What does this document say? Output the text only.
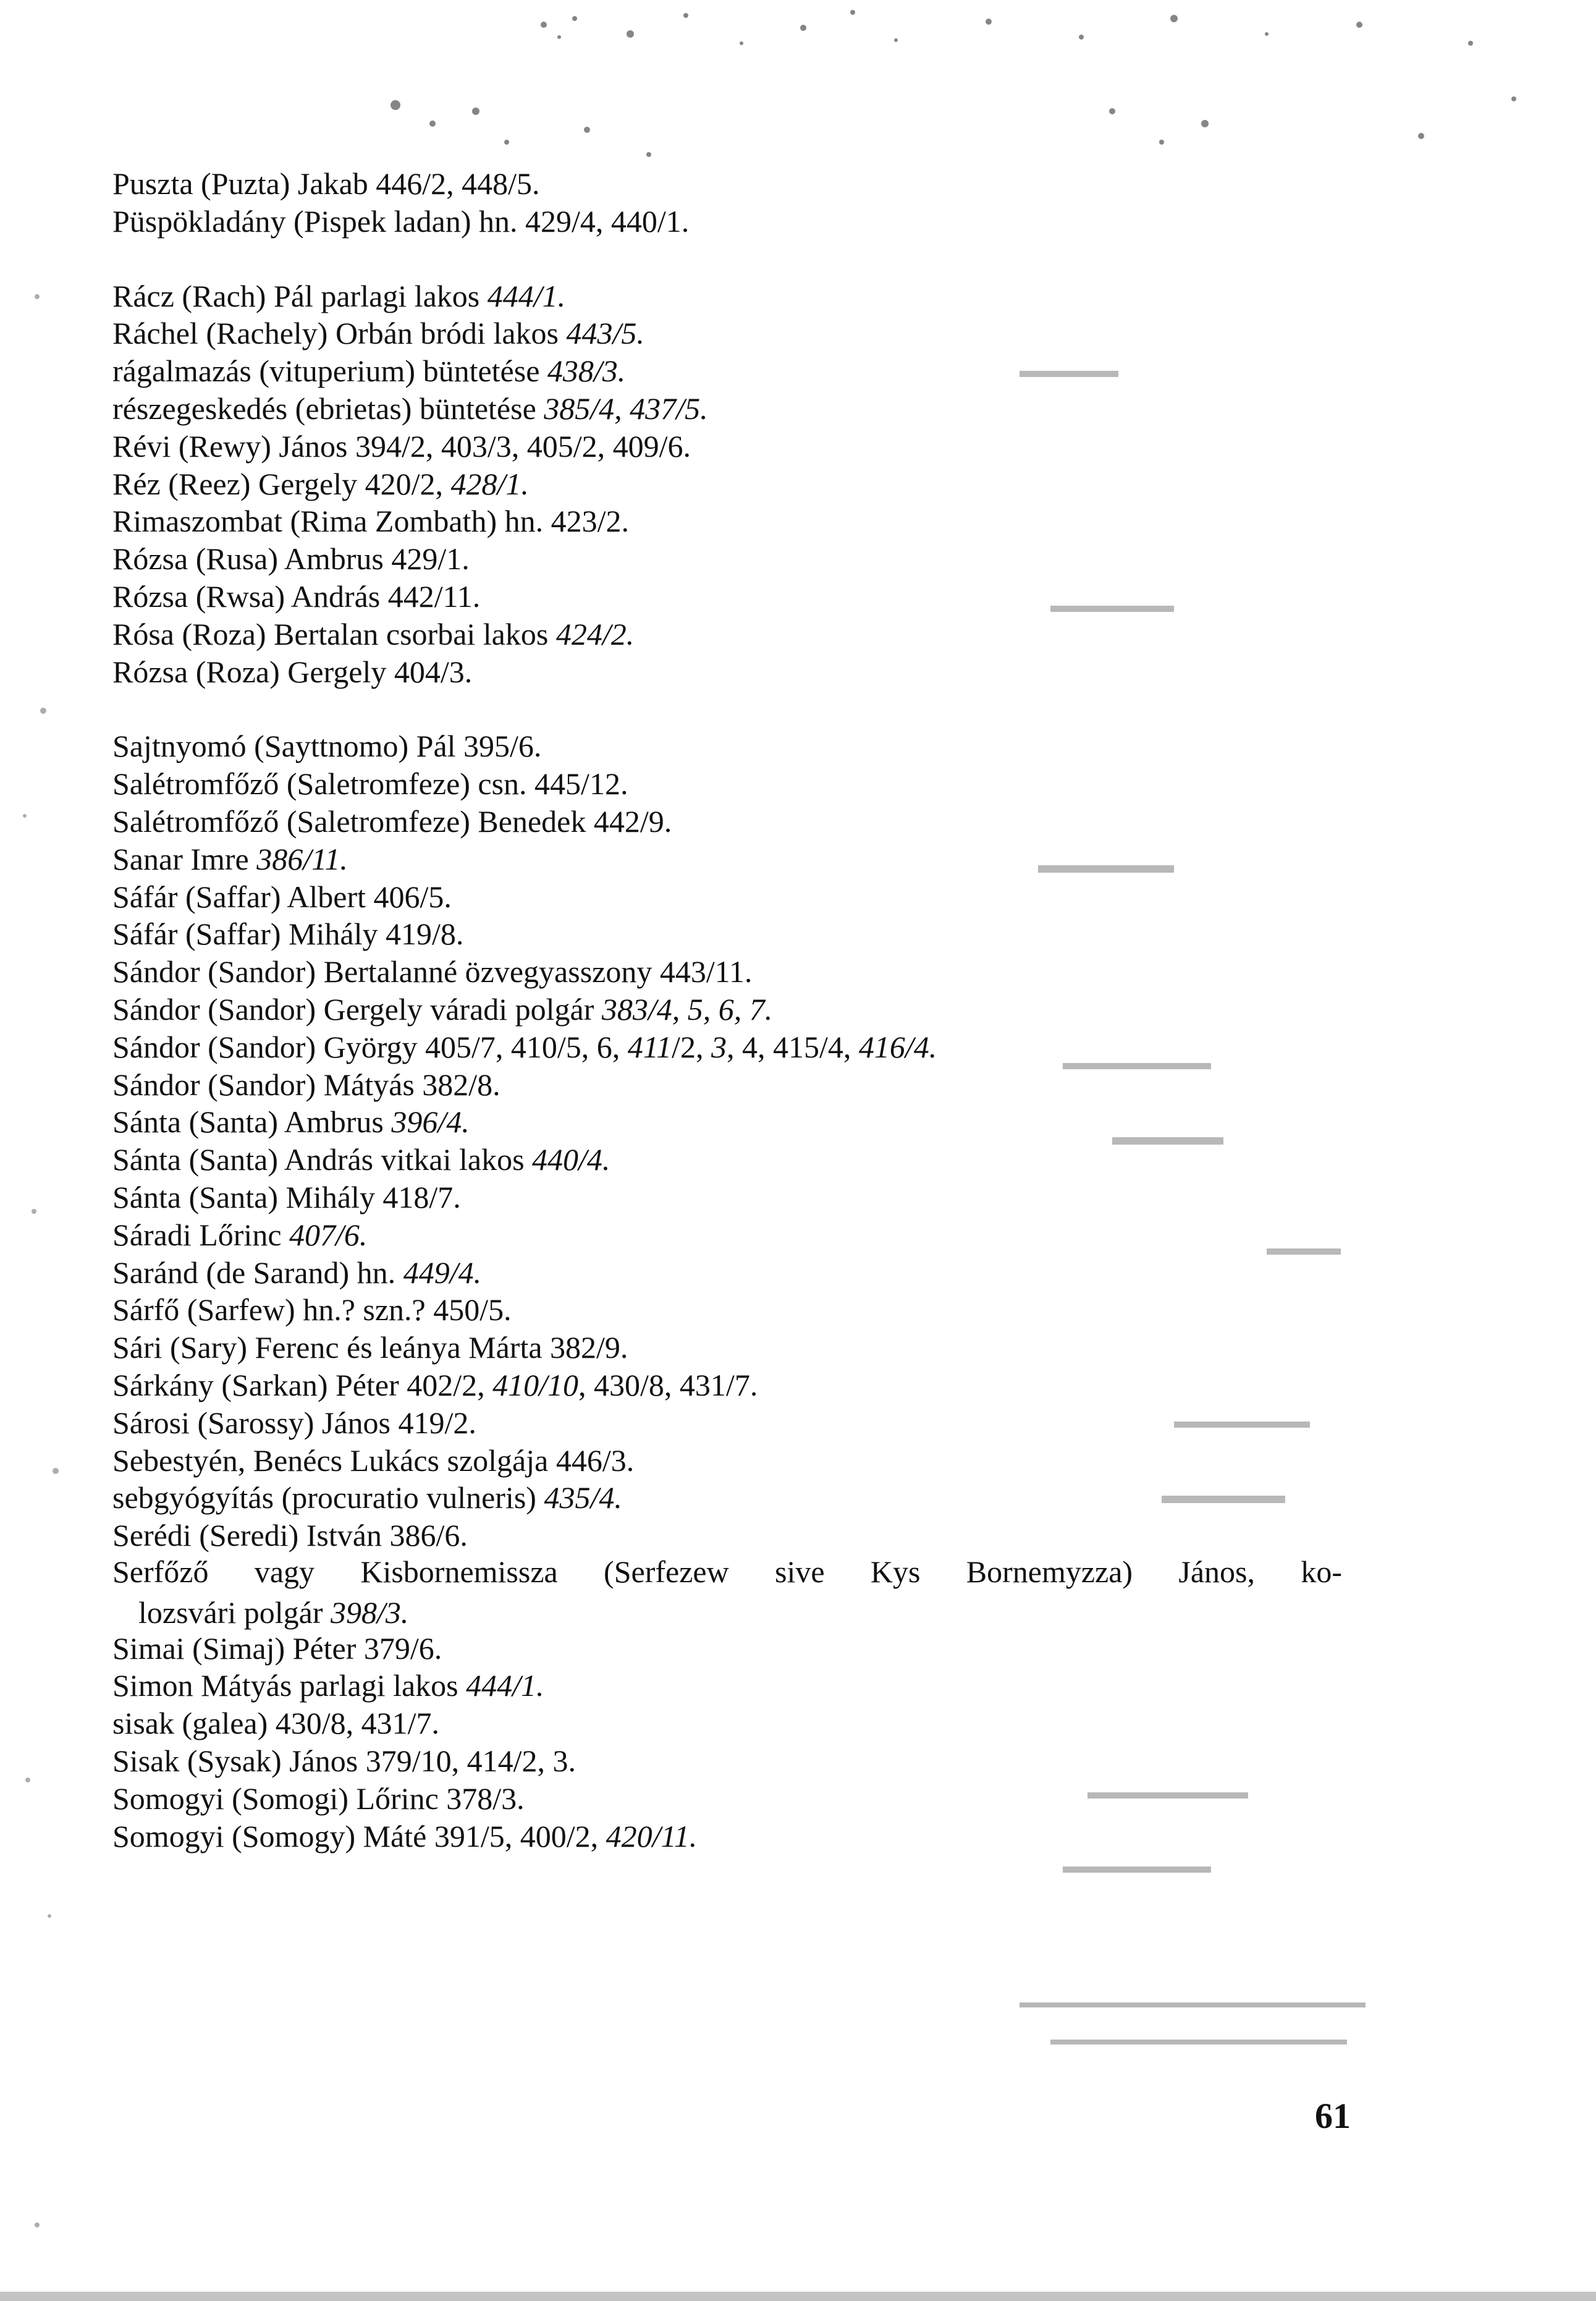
Puszta (Puzta) Jakab 446/2, 448/5.
Püspökladány (Pispek ladan) hn. 429/4, 440/1.
Rácz (Rach) Pál parlagi lakos 444/1.
Ráchel (Rachely) Orbán bródi lakos 443/5.
rágalmazás (vituperium) büntetése 438/3.
részegeskedés (ebrietas) büntetése 385/4, 437/5.
Révi (Rewy) János 394/2, 403/3, 405/2, 409/6.
Réz (Reez) Gergely 420/2, 428/1.
Rimaszombat (Rima Zombath) hn. 423/2.
Rózsa (Rusa) Ambrus 429/1.
Rózsa (Rwsa) András 442/11.
Rósa (Roza) Bertalan csorbai lakos 424/2.
Rózsa (Roza) Gergely 404/3.
Sajtnyomó (Sayttnomo) Pál 395/6.
Salétromfőző (Saletromfeze) csn. 445/12.
Salétromfőző (Saletromfeze) Benedek 442/9.
Sanar Imre 386/11.
Sáfár (Saffar) Albert 406/5.
Sáfár (Saffar) Mihály 419/8.
Sándor (Sandor) Bertalanné özvegyasszony 443/11.
Sándor (Sandor) Gergely váradi polgár 383/4, 5, 6, 7.
Sándor (Sandor) György 405/7, 410/5, 6, 411/2, 3, 4, 415/4, 416/4.
Sándor (Sandor) Mátyás 382/8.
Sánta (Santa) Ambrus 396/4.
Sánta (Santa) András vitkai lakos 440/4.
Sánta (Santa) Mihály 418/7.
Sáradi Lőrinc 407/6.
Saránd (de Sarand) hn. 449/4.
Sárfő (Sarfew) hn.? szn.? 450/5.
Sári (Sary) Ferenc és leánya Márta 382/9.
Sárkány (Sarkan) Péter 402/2, 410/10, 430/8, 431/7.
Sárosi (Sarossy) János 419/2.
Sebestyén, Benécs Lukács szolgája 446/3.
sebgyógyítás (procuratio vulneris) 435/4.
Serédi (Seredi) István 386/6.
Serfőző vagy Kisbornemissza (Serfezew sive Kys Bornemyzza) János, ko-
lozsvári polgár 398/3.
Simai (Simaj) Péter 379/6.
Simon Mátyás parlagi lakos 444/1.
sisak (galea) 430/8, 431/7.
Sisak (Sysak) János 379/10, 414/2, 3.
Somogyi (Somogi) Lőrinc 378/3.
Somogyi (Somogy) Máté 391/5, 400/2, 420/11.
61
